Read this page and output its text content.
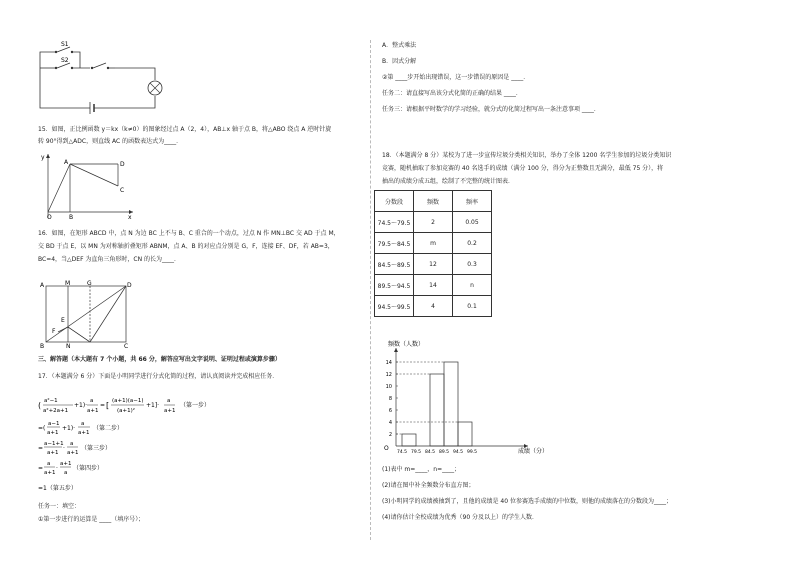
S1
S2
15．如图，正比例函数 y＝kx（k≠0）的图象经过点 A（2，4），AB⊥x 轴于点 B，将△ABO 绕点 A 逆时针旋
转 90°得到△ADC，则直线 AC 的函数表达式为____．
y
A	D
C
O	B	x
16．如图，在矩形 ABCD 中，点 N 为边 BC 上不与 B、C 重合的一个动点，过点 N 作 MN⊥BC 交 AD 于点 M，
交 BD 于点 E，以 MN 为对称轴折叠矩形 ABNM，点 A、B 的对应点分别是 G，F，连接 EF、DF，若 AB=3，
BC=4，当△DEF 为直角三角形时，CN 的长为____．
A	M	G	D
E
F
B	N	C
三、解答题（本大题有 7 个小题，共 66 分，解答应写出文字说明、证明过程或演算步骤）
17．（本题满分 6 分）下面是小明同学进行分式化简的过程，请认真阅读并完成相应任务．
( a²−1
a²+2a+1
+1)·
a
a+1
= [ (a+1)(a−1)
(a+1)²
+1]·
a
a+1
（第一步）
=(
a−1
a+1
+1)·
a
a+1
（第二步）
=
a−1+1
a+1
·
a
a+1
（第三步）
=
a
a+1
·
a+1
a
（第四步）
=1（第五步）
任务一：填空：
①第一步进行的运算是 ____（填序号）；
A．整式乘法
B．因式分解
②第 ____步开始出现错误，这一步错误的原因是 ____．
任务二：请直接写出该分式化简的正确的结果 ____．
任务三：请根据平时数学的学习经验，就分式的化简过程写出一条注意事项 ____．
18．（本题满分 8 分）某校为了进一步宣传垃圾分类相关知识，举办了全体 1200 名学生参加的垃圾分类知识
竞赛，随机抽取了参加竞赛的 40 名选手的成绩（满分 100 分，得分为正整数且无满分，最低 75 分），将
抽出的成绩分成五组，绘制了不完整的统计图表．
分数段	频数	频率
74.5～79.5	2	0.05
79.5～84.5	m	0.2
84.5～89.5	12	0.3
89.5～94.5	14	n
94.5～99.5	4	0.1
频数（人数）
成绩（分）
O
2
4
6
8
10
12
14
74.5 79.5 84.5 89.5 94.5 99.5
(1)表中 m=____，n=____；
(2)请在图中补全频数分布直方图；
(3)小明同学的成绩被抽到了，且他的成绩是 40 位参赛选手成绩的中位数，则他的成绩落在的分数段为____；
(4)请你估计全校成绩为优秀（90 分及以上）的学生人数．
